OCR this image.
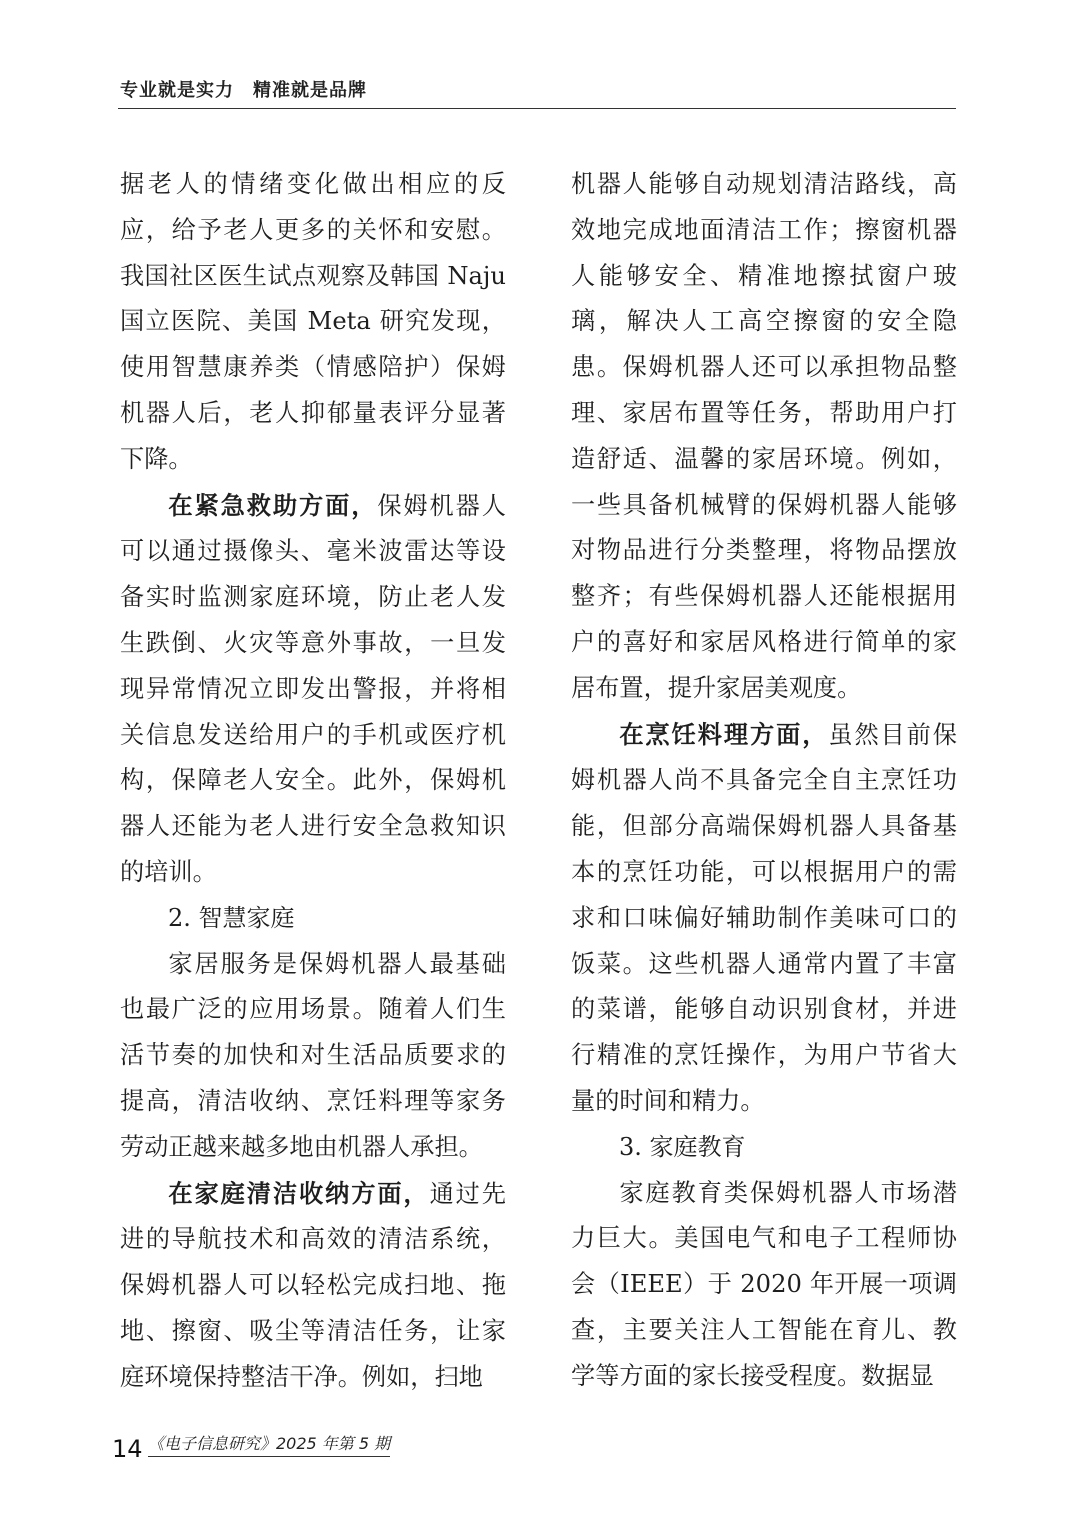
专业就是实力　精准就是品牌

据老人的情绪变化做出相应的反应，给予老人更多的关怀和安慰。我国社区医生试点观察及韩国 Naju 国立医院、美国 Meta 研究发现，使用智慧康养类（情感陪护）保姆机器人后，老人抑郁量表评分显著下降。

在紧急救助方面，保姆机器人可以通过摄像头、毫米波雷达等设备实时监测家庭环境，防止老人发生跌倒、火灾等意外事故，一旦发现异常情况立即发出警报，并将相关信息发送给用户的手机或医疗机构，保障老人安全。此外，保姆机器人还能为老人进行安全急救知识的培训。

2. 智慧家庭

家居服务是保姆机器人最基础也最广泛的应用场景。随着人们生活节奏的加快和对生活品质要求的提高，清洁收纳、烹饪料理等家务劳动正越来越多地由机器人承担。

在家庭清洁收纳方面，通过先进的导航技术和高效的清洁系统，保姆机器人可以轻松完成扫地、拖地、擦窗、吸尘等清洁任务，让家庭环境保持整洁干净。例如，扫地

机器人能够自动规划清洁路线，高效地完成地面清洁工作；擦窗机器人能够安全、精准地擦拭窗户玻璃，解决人工高空擦窗的安全隐患。保姆机器人还可以承担物品整理、家居布置等任务，帮助用户打造舒适、温馨的家居环境。例如，一些具备机械臂的保姆机器人能够对物品进行分类整理，将物品摆放整齐；有些保姆机器人还能根据用户的喜好和家居风格进行简单的家居布置，提升家居美观度。

在烹饪料理方面，虽然目前保姆机器人尚不具备完全自主烹饪功能，但部分高端保姆机器人具备基本的烹饪功能，可以根据用户的需求和口味偏好辅助制作美味可口的饭菜。这些机器人通常内置了丰富的菜谱，能够自动识别食材，并进行精准的烹饪操作，为用户节省大量的时间和精力。

3. 家庭教育

家庭教育类保姆机器人市场潜力巨大。美国电气和电子工程师协会（IEEE）于 2020 年开展一项调查，主要关注人工智能在育儿、教学等方面的家长接受程度。数据显

14 《电子信息研究》2025 年第 5 期
